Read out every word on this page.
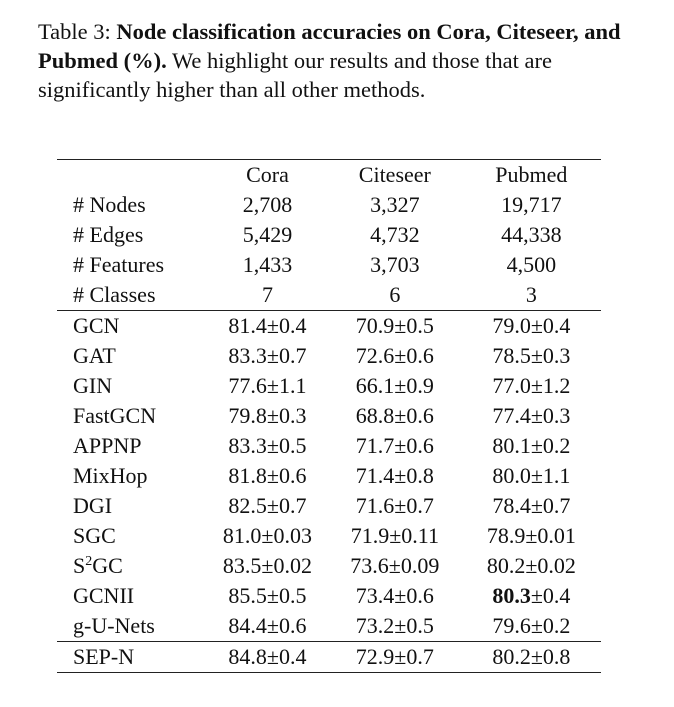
Table 3: Node classification accuracies on Cora, Citeseer, and Pubmed (%). We highlight our results and those that are significantly higher than all other methods.
	Cora	Citeseer	Pubmed
# Nodes	2,708	3,327	19,717
# Edges	5,429	4,732	44,338
# Features	1,433	3,703	4,500
# Classes	7	6	3
GCN	81.4±0.4	70.9±0.5	79.0±0.4
GAT	83.3±0.7	72.6±0.6	78.5±0.3
GIN	77.6±1.1	66.1±0.9	77.0±1.2
FastGCN	79.8±0.3	68.8±0.6	77.4±0.3
APPNP	83.3±0.5	71.7±0.6	80.1±0.2
MixHop	81.8±0.6	71.4±0.8	80.0±1.1
DGI	82.5±0.7	71.6±0.7	78.4±0.7
SGC	81.0±0.03	71.9±0.11	78.9±0.01
$S^2GC$	83.5±0.02	73.6±0.09	80.2±0.02
GCNII	85.5±0.5	73.4±0.6	80.3±0.4
g-U-Nets	84.4±0.6	73.2±0.5	79.6±0.2
SEP-N	84.8±0.4	72.9±0.7	80.2±0.8
